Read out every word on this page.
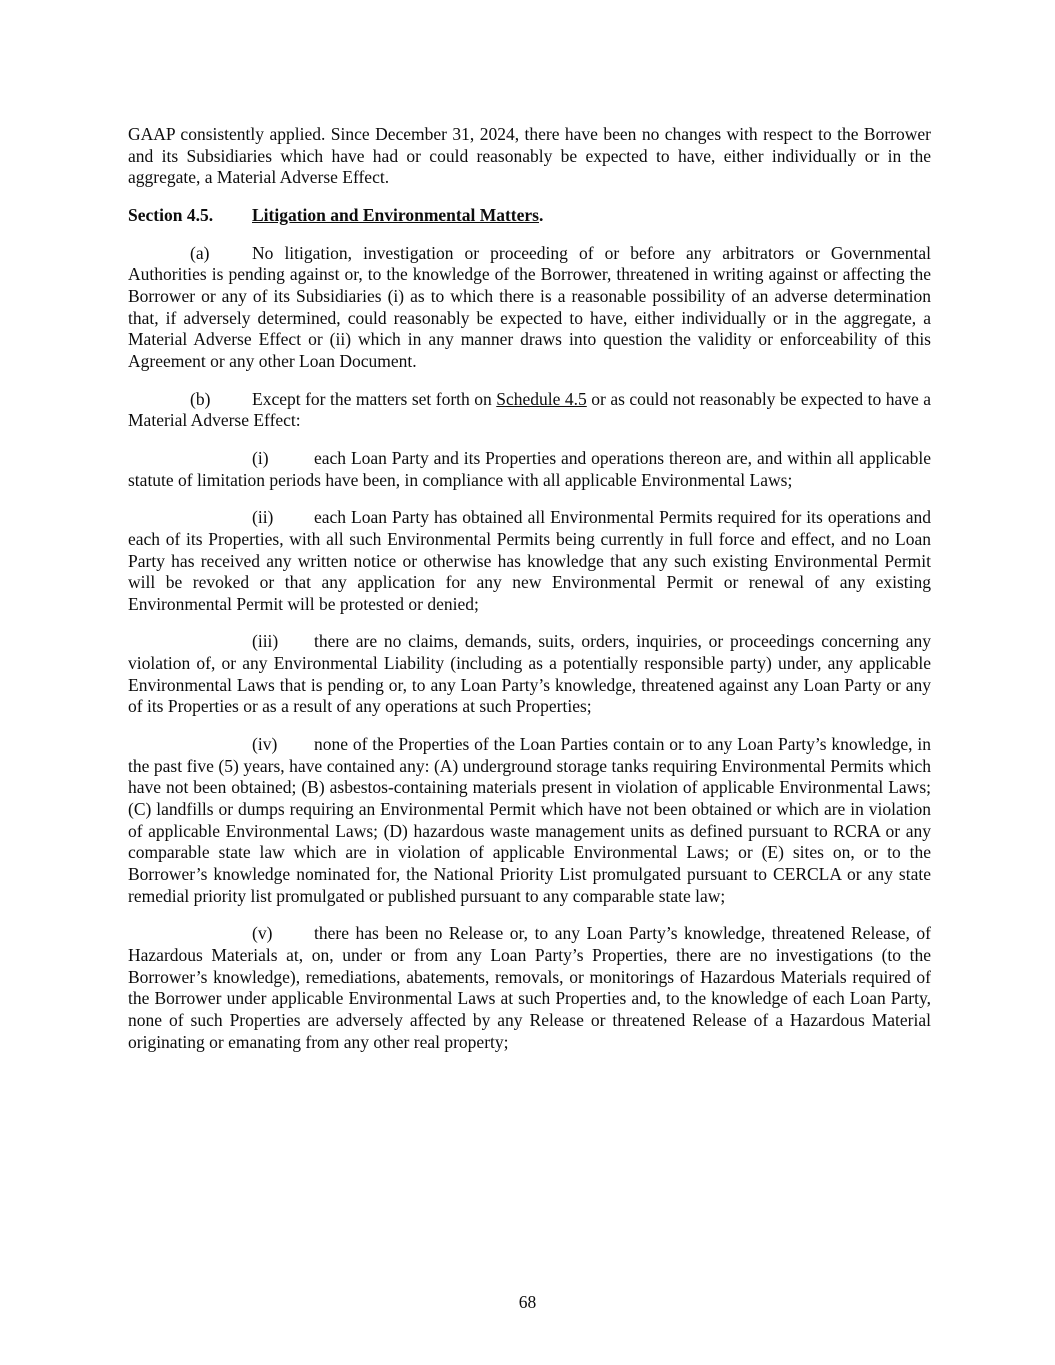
GAAP consistently applied. Since December 31, 2024, there have been no changes with respect to the Borrower and its Subsidiaries which have had or could reasonably be expected to have, either individually or in the aggregate, a Material Adverse Effect.

Section 4.5. Litigation and Environmental Matters.

(a) No litigation, investigation or proceeding of or before any arbitrators or Governmental Authorities is pending against or, to the knowledge of the Borrower, threatened in writing against or affecting the Borrower or any of its Subsidiaries (i) as to which there is a reasonable possibility of an adverse determination that, if adversely determined, could reasonably be expected to have, either individually or in the aggregate, a Material Adverse Effect or (ii) which in any manner draws into question the validity or enforceability of this Agreement or any other Loan Document.

(b) Except for the matters set forth on Schedule 4.5 or as could not reasonably be expected to have a Material Adverse Effect:

(i)	each Loan Party and its Properties and operations thereon are, and within all applicable statute of limitation periods have been, in compliance with all applicable Environmental Laws;

(ii) each Loan Party has obtained all Environmental Permits required for its operations and each of its Properties, with all such Environmental Permits being currently in full force and effect, and no Loan Party has received any written notice or otherwise has knowledge that any such existing Environmental Permit will be revoked or that any application for any new Environmental Permit or renewal of any existing Environmental Permit will be protested or denied;

(iii) there are no claims, demands, suits, orders, inquiries, or proceedings concerning any violation of, or any Environmental Liability (including as a potentially responsible party) under, any applicable Environmental Laws that is pending or, to any Loan Party’s knowledge, threatened against any Loan Party or any of its Properties or as a result of any operations at such Properties;

(iv) none of the Properties of the Loan Parties contain or to any Loan Party’s knowledge, in the past five (5) years, have contained any: (A) underground storage tanks requiring Environmental Permits which have not been obtained; (B) asbestos-containing materials present in violation of applicable Environmental Laws; (C) landfills or dumps requiring an Environmental Permit which have not been obtained or which are in violation of applicable Environmental Laws; (D) hazardous waste management units as defined pursuant to RCRA or any comparable state law which are in violation of applicable Environmental Laws; or (E) sites on, or to the Borrower’s knowledge nominated for, the National Priority List promulgated pursuant to CERCLA or any state remedial priority list promulgated or published pursuant to any comparable state law;

(v) there has been no Release or, to any Loan Party’s knowledge, threatened Release, of Hazardous Materials at, on, under or from any Loan Party’s Properties, there are no investigations (to the Borrower’s knowledge), remediations, abatements, removals, or monitorings of Hazardous Materials required of the Borrower under applicable Environmental Laws at such Properties and, to the knowledge of each Loan Party, none of such Properties are adversely affected by any Release or threatened Release of a Hazardous Material originating or emanating from any other real property;

68
